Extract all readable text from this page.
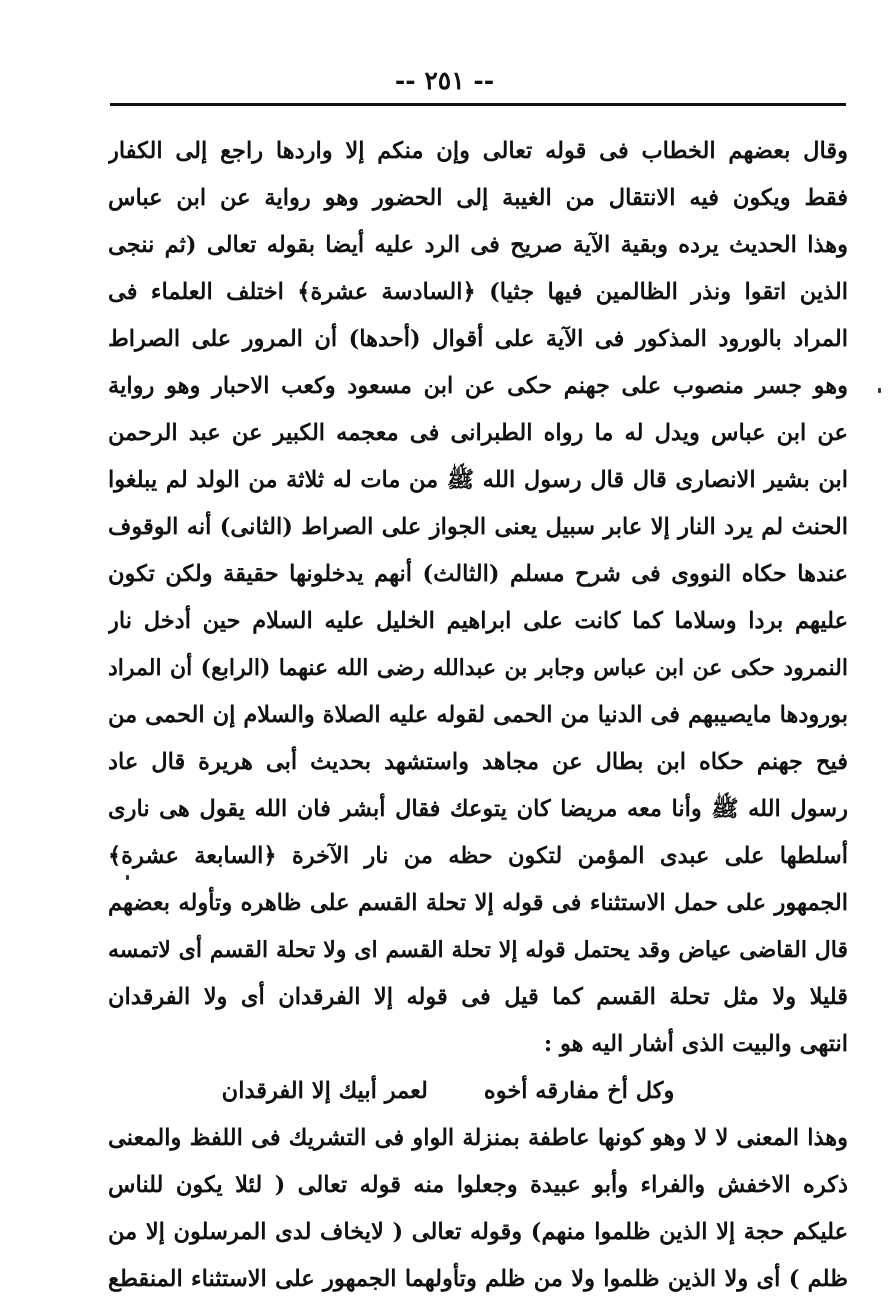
-- ٢٥١ --
وقال بعضهم الخطاب فى قوله تعالى وإن منكم إلا واردها راجع إلى الكفار
فقط ويكون فيه الانتقال من الغيبة إلى الحضور وهو رواية عن ابن عباس
وهذا الحديث يرده وبقية الآية صريح فى الرد عليه أيضا بقوله تعالى (ثم ننجى
الذين اتقوا ونذر الظالمين فيها جثيا) ﴿السادسة عشرة﴾ اختلف العلماء فى
المراد بالورود المذكور فى الآية على أقوال (أحدها) أن المرور على الصراط
وهو جسر منصوب على جهنم حكى عن ابن مسعود وكعب الاحبار وهو رواية
عن ابن عباس ويدل له ما رواه الطبرانى فى معجمه الكبير عن عبد الرحمن
ابن بشير الانصارى قال قال رسول الله ﷺ من مات له ثلاثة من الولد لم يبلغوا
الحنث لم يرد النار إلا عابر سبيل يعنى الجواز على الصراط (الثانى) أنه الوقوف
عندها حكاه النووى فى شرح مسلم (الثالث) أنهم يدخلونها حقيقة ولكن تكون
عليهم بردا وسلاما كما كانت على ابراهيم الخليل عليه السلام حين أدخل نار
النمرود حكى عن ابن عباس وجابر بن عبدالله رضى الله عنهما (الرابع) أن المراد
بورودها مايصيبهم فى الدنيا من الحمى لقوله عليه الصلاة والسلام إن الحمى من
فيح جهنم حكاه ابن بطال عن مجاهد واستشهد بحديث أبى هريرة قال عاد
رسول الله ﷺ وأنا معه مريضا كان يتوعك فقال أبشر فان الله يقول هى نارى
أسلطها على عبدى المؤمن لتكون حظه من نار الآخرة ﴿السابعة عشرة﴾
الجمهور على حمل الاستثناء فى قوله إلا تحلة القسم على ظاهره وتأوله بعضهم
قال القاضى عياض وقد يحتمل قوله إلا تحلة القسم اى ولا تحلة القسم أى لاتمسه
قليلا ولا مثل تحلة القسم كما قيل فى قوله إلا الفرقدان أى ولا الفرقدان
انتهى والبيت الذى أشار اليه هو :
وكل أخ مفارقه أخوه
لعمر أبيك إلا الفرقدان
وهذا المعنى لا لا وهو كونها عاطفة بمنزلة الواو فى التشريك فى اللفظ والمعنى
ذكره الاخفش والفراء وأبو عبيدة وجعلوا منه قوله تعالى ( لئلا يكون للناس
عليكم حجة إلا الذين ظلموا منهم) وقوله تعالى ( لايخاف لدى المرسلون إلا من
ظلم ) أى ولا الذين ظلموا ولا من ظلم وتأولهما الجمهور على الاستثناء المنقطع
